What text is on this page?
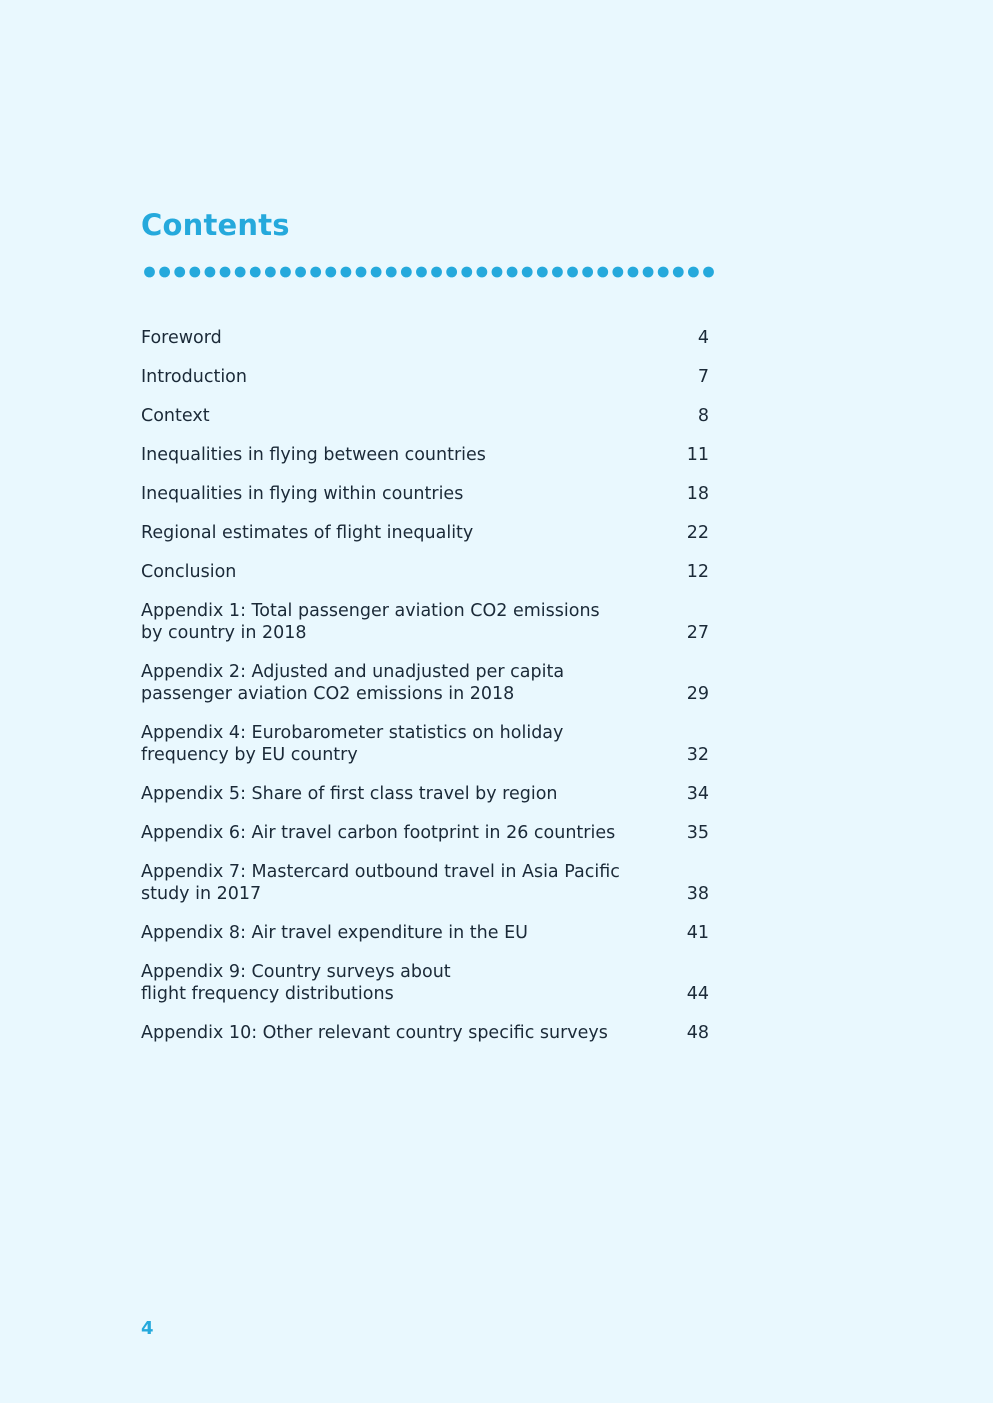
Contents
Foreword	4
Introduction	7
Context	8
Inequalities in flying between countries	11
Inequalities in flying within countries	18
Regional estimates of flight inequality	22
Conclusion	12
Appendix 1: Total passenger aviation CO2 emissions
by country in 2018	27
Appendix 2: Adjusted and unadjusted per capita
passenger aviation CO2 emissions in 2018	29
Appendix 4: Eurobarometer statistics on holiday
frequency by EU country	32
Appendix 5: Share of first class travel by region	34
Appendix 6: Air travel carbon footprint in 26 countries	35
Appendix 7: Mastercard outbound travel in Asia Pacific
study in 2017	38
Appendix 8: Air travel expenditure in the EU	41
Appendix 9: Country surveys about
flight frequency distributions	44
Appendix 10: Other relevant country specific surveys	48
4
